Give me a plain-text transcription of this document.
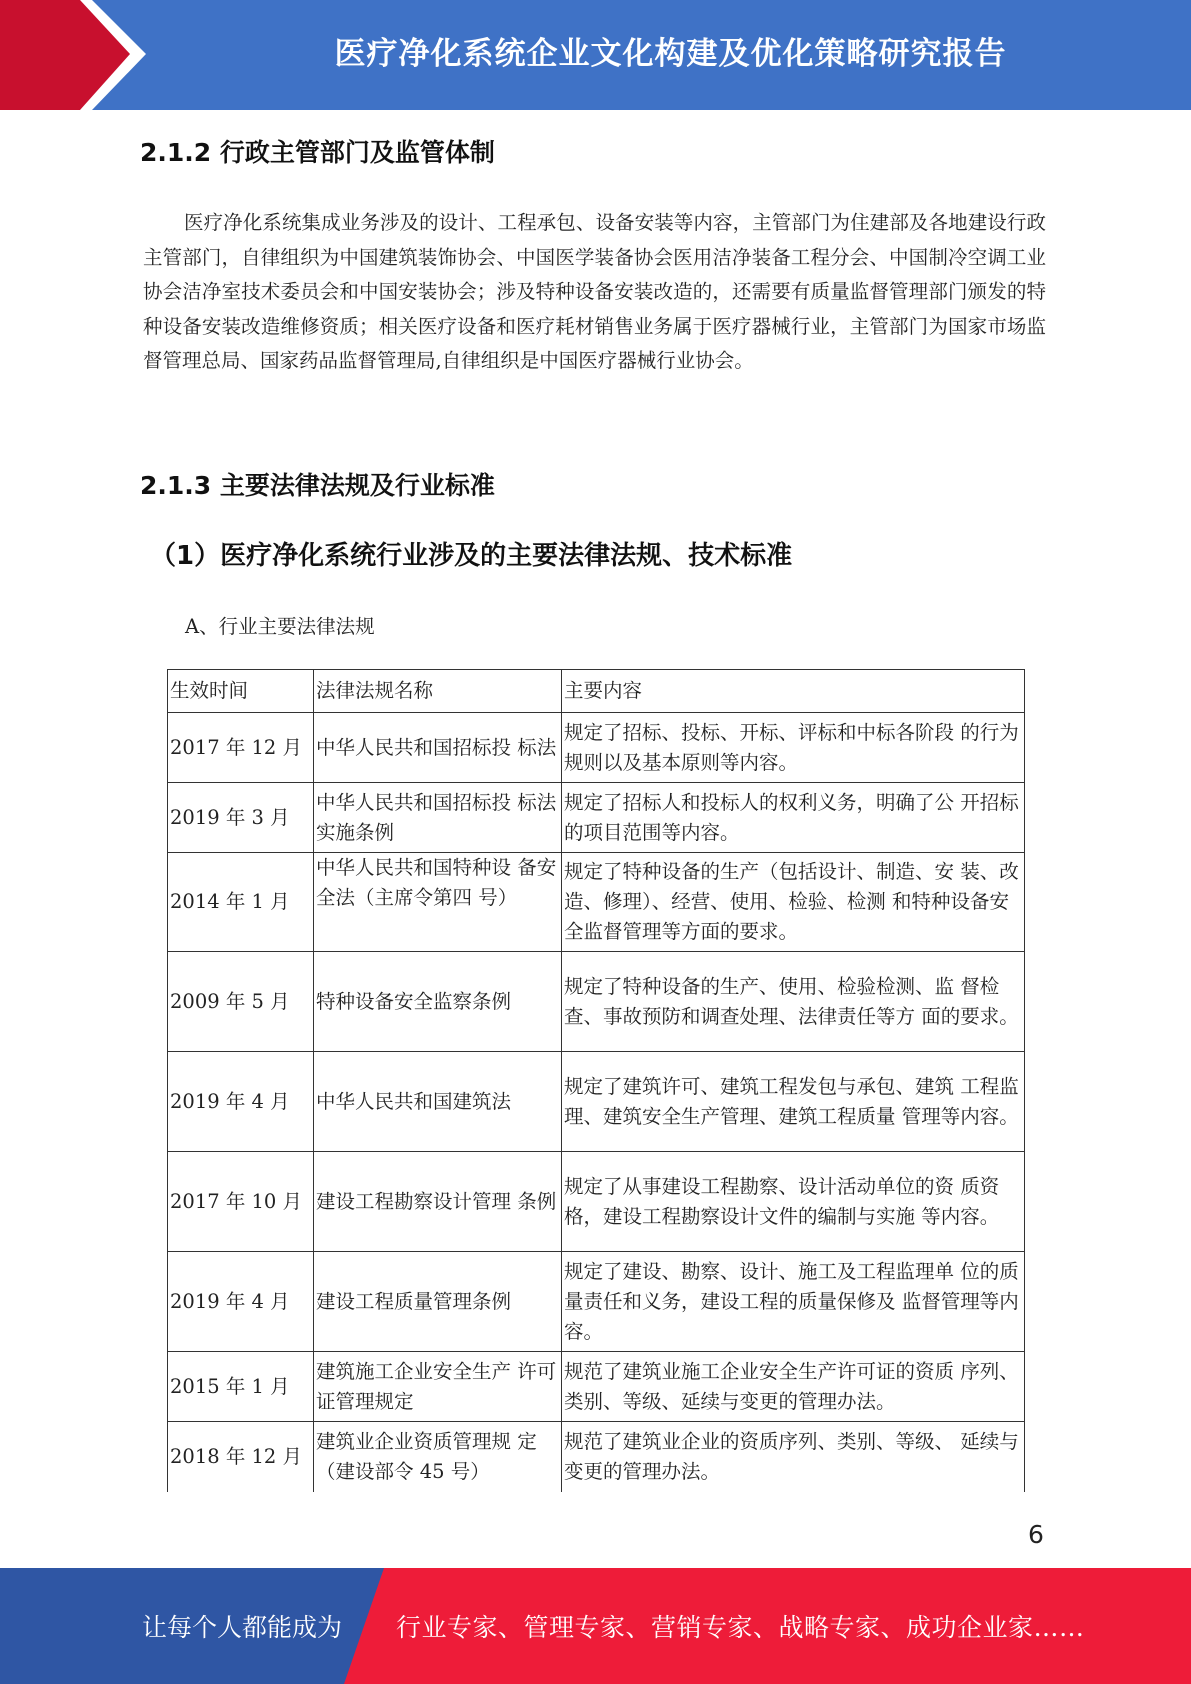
医疗净化系统企业文化构建及优化策略研究报告
2.1.2 行政主管部门及监管体制
医疗净化系统集成业务涉及的设计、工程承包、设备安装等内容，主管部门为住建部及各地建设行政主管部门，自律组织为中国建筑装饰协会、中国医学装备协会医用洁净装备工程分会、中国制冷空调工业协会洁净室技术委员会和中国安装协会；涉及特种设备安装改造的，还需要有质量监督管理部门颁发的特种设备安装改造维修资质；相关医疗设备和医疗耗材销售业务属于医疗器械行业，主管部门为国家市场监督管理总局、国家药品监督管理局,自律组织是中国医疗器械行业协会。
2.1.3 主要法律法规及行业标准
（1）医疗净化系统行业涉及的主要法律法规、技术标准
A、行业主要法律法规
生效时间	法律法规名称	主要内容
2017 年 12 月	中华人民共和国招标投 标法	规定了招标、投标、开标、评标和中标各阶段 的行为规则以及基本原则等内容。
2019 年 3 月	中华人民共和国招标投 标法实施条例	规定了招标人和投标人的权利义务，明确了公 开招标的项目范围等内容。
2014 年 1 月	中华人民共和国特种设 备安全法（主席令第四 号）	规定了特种设备的生产（包括设计、制造、安 装、改造、修理）、经营、使用、检验、检测 和特种设备安全监督管理等方面的要求。
2009 年 5 月	特种设备安全监察条例	规定了特种设备的生产、使用、检验检测、监 督检查、事故预防和调查处理、法律责任等方 面的要求。
2019 年 4 月	中华人民共和国建筑法	规定了建筑许可、建筑工程发包与承包、建筑 工程监理、建筑安全生产管理、建筑工程质量 管理等内容。
2017 年 10 月	建设工程勘察设计管理 条例	规定了从事建设工程勘察、设计活动单位的资 质资格，建设工程勘察设计文件的编制与实施 等内容。
2019 年 4 月	建设工程质量管理条例	规定了建设、勘察、设计、施工及工程监理单 位的质量责任和义务，建设工程的质量保修及 监督管理等内容。
2015 年 1 月	建筑施工企业安全生产 许可证管理规定	规范了建筑业施工企业安全生产许可证的资质 序列、类别、等级、延续与变更的管理办法。
2018 年 12 月	建筑业企业资质管理规 定（建设部令 45 号）	规范了建筑业企业的资质序列、类别、等级、 延续与变更的管理办法。
6
让每个人都能成为 行业专家、管理专家、营销专家、战略专家、成功企业家……
